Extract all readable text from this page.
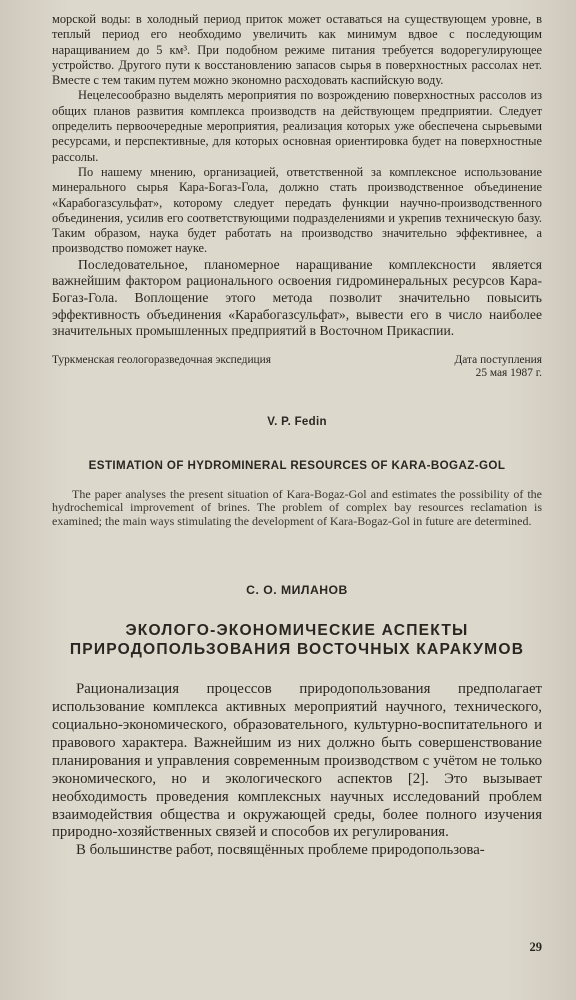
морской воды: в холодный период приток может оставаться на существующем уровне, в теплый период его необходимо увеличить как минимум вдвое с последующим наращиванием до 5 км³. При подобном режиме питания требуется водорегулирующее устройство. Другого пути к восстановлению запасов сырья в поверхностных рассолах нет. Вместе с тем таким путем можно экономно расходовать каспийскую воду.

Нецелесообразно выделять мероприятия по возрождению поверхностных рассолов из общих планов развития комплекса производств на действующем предприятии. Следует определить первоочередные мероприятия, реализация которых уже обеспечена сырьевыми ресурсами, и перспективные, для которых основная ориентировка будет на поверхностные рассолы.

По нашему мнению, организацией, ответственной за комплексное использование минерального сырья Кара-Богаз-Гола, должно стать производственное объединение «Карабогазсульфат», которому следует передать функции научно-производственного объединения, усилив его соответствующими подразделениями и укрепив техническую базу. Таким образом, наука будет работать на производство значительно эффективнее, а производство поможет науке.

Последовательное, планомерное наращивание комплексности является важнейшим фактором рационального освоения гидроминеральных ресурсов Кара-Богаз-Гола. Воплощение этого метода позволит значительно повысить эффективность объединения «Карабогазсульфат», вывести его в число наиболее значительных промышленных предприятий в Восточном Прикаспии.

Туркменская геологоразведочная экспедиция	Дата поступления
25 мая 1987 г.
V. P. Fedin
ESTIMATION OF HYDROMINERAL RESOURCES OF KARA-BOGAZ-GOL

The paper analyses the present situation of Kara-Bogaz-Gol and estimates the possibility of the hydrochemical improvement of brines. The problem of complex bay resources reclamation is examined; the main ways stimulating the development of Kara-Bogaz-Gol in future are determined.

С. О. МИЛАНОВ
ЭКОЛОГО-ЭКОНОМИЧЕСКИЕ АСПЕКТЫ
ПРИРОДОПОЛЬЗОВАНИЯ ВОСТОЧНЫХ КАРАКУМОВ

Рационализация процессов природопользования предполагает использование комплекса активных мероприятий научного, технического, социально-экономического, образовательного, культурно-воспитательного и правового характера. Важнейшим из них должно быть совершенствование планирования и управления современным производством с учётом не только экономического, но и экологического аспектов [2]. Это вызывает необходимость проведения комплексных научных исследований проблем взаимодействия общества и окружающей среды, более полного изучения природно-хозяйственных связей и способов их регулирования.

В большинстве работ, посвящённых проблеме природопользова-

29
